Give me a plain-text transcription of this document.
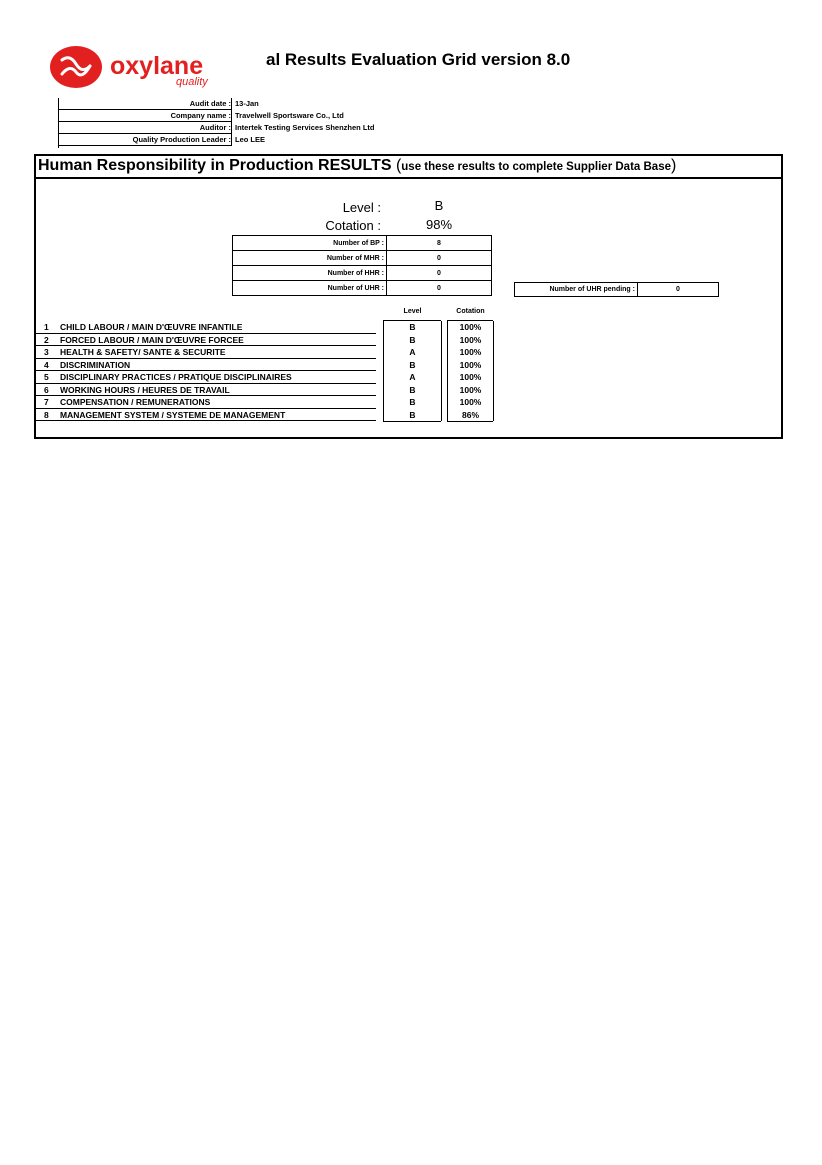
oxylane
quality
al Results Evaluation Grid version 8.0
Audit date : 13-Jan
Company name : Travelwell Sportsware Co., Ltd
Auditor : Intertek Testing Services Shenzhen Ltd
Quality Production Leader : Leo LEE
Human Responsibility in Production RESULTS (use these results to complete Supplier Data Base)
Level :	B
Cotation :	98%
Number of BP :	8
Number of MHR :	0
Number of HHR :	0
Number of UHR :	0	Number of UHR pending :	0
Level	Cotation
1 CHILD LABOUR / MAIN D'ŒUVRE INFANTILE	B	100%
2 FORCED LABOUR / MAIN D'ŒUVRE FORCEE	B	100%
3 HEALTH & SAFETY/ SANTE & SECURITE	A	100%
4 DISCRIMINATION	B	100%
5 DISCIPLINARY PRACTICES / PRATIQUE DISCIPLINAIRES	A	100%
6 WORKING HOURS / HEURES DE TRAVAIL	B	100%
7 COMPENSATION / REMUNERATIONS	B	100%
8 MANAGEMENT SYSTEM / SYSTEME DE MANAGEMENT	B	86%
